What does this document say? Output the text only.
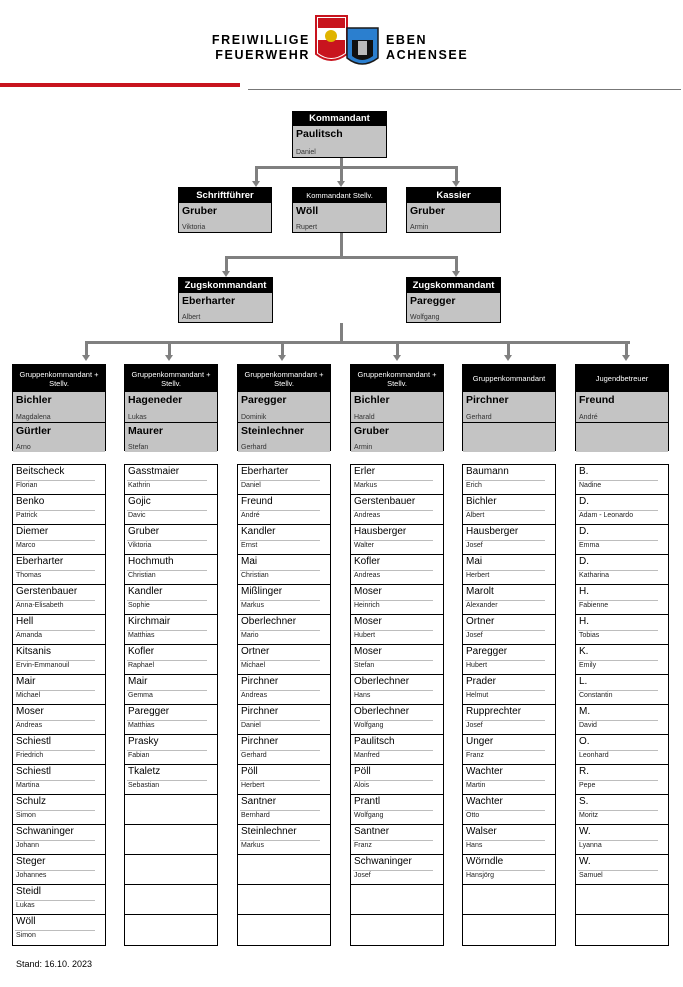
FREIWILLIGE
FEUERWEHR
EBEN
ACHENSEE
Kommandant
Paulitsch
Daniel
Schriftführer
Gruber
Viktoria
Kommandant Stellv.
Wöll
Rupert
Kassier
Gruber
Armin
Zugskommandant
Eberharter
Albert
Zugskommandant
Paregger
Wolfgang
Gruppenkommandant + Stellv.
Bichler
Magdalena
Gürtler
Arno
Gruppenkommandant + Stellv.
Hageneder
Lukas
Maurer
Stefan
Gruppenkommandant + Stellv.
Paregger
Dominik
Steinlechner
Gerhard
Gruppenkommandant + Stellv.
Bichler
Harald
Gruber
Armin
Gruppenkommandant
Pirchner
Gerhard
Jugendbetreuer
Freund
André
Beitscheck
Florian
Benko
Patrick
Diemer
Marco
Eberharter
Thomas
Gerstenbauer
Anna-Elisabeth
Hell
Amanda
Kitsanis
Ervin-Emmanouil
Mair
Michael
Moser
Andreas
Schiestl
Friedrich
Schiestl
Martina
Schulz
Simon
Schwaninger
Johann
Steger
Johannes
Steidl
Lukas
Wöll
Simon
Gasstmaier
Kathrin
Gojic
Davic
Gruber
Viktoria
Hochmuth
Christian
Kandler
Sophie
Kirchmair
Matthias
Kofler
Raphael
Mair
Gemma
Paregger
Matthias
Prasky
Fabian
Tkaletz
Sebastian
Eberharter
Daniel
Freund
André
Kandler
Ernst
Mai
Christian
Mißlinger
Markus
Oberlechner
Mario
Ortner
Michael
Pirchner
Andreas
Pirchner
Daniel
Pirchner
Gerhard
Pöll
Herbert
Santner
Bernhard
Steinlechner
Markus
Erler
Markus
Gerstenbauer
Andreas
Hausberger
Walter
Kofler
Andreas
Moser
Heinrich
Moser
Hubert
Moser
Stefan
Oberlechner
Hans
Oberlechner
Wolfgang
Paulitsch
Manfred
Pöll
Alois
Prantl
Wolfgang
Santner
Franz
Schwaninger
Josef
Baumann
Erich
Bichler
Albert
Hausberger
Josef
Mai
Herbert
Marolt
Alexander
Ortner
Josef
Paregger
Hubert
Prader
Helmut
Rupprechter
Josef
Unger
Franz
Wachter
Martin
Wachter
Otto
Walser
Hans
Wörndle
Hansjörg
B.
Nadine
D.
Adam - Leonardo
D.
Emma
D.
Katharina
H.
Fabienne
H.
Tobias
K.
Emily
L.
Constantin
M.
David
O.
Leonhard
R.
Pepe
S.
Moritz
W.
Lyanna
W.
Samuel
Stand: 16.10. 2023
